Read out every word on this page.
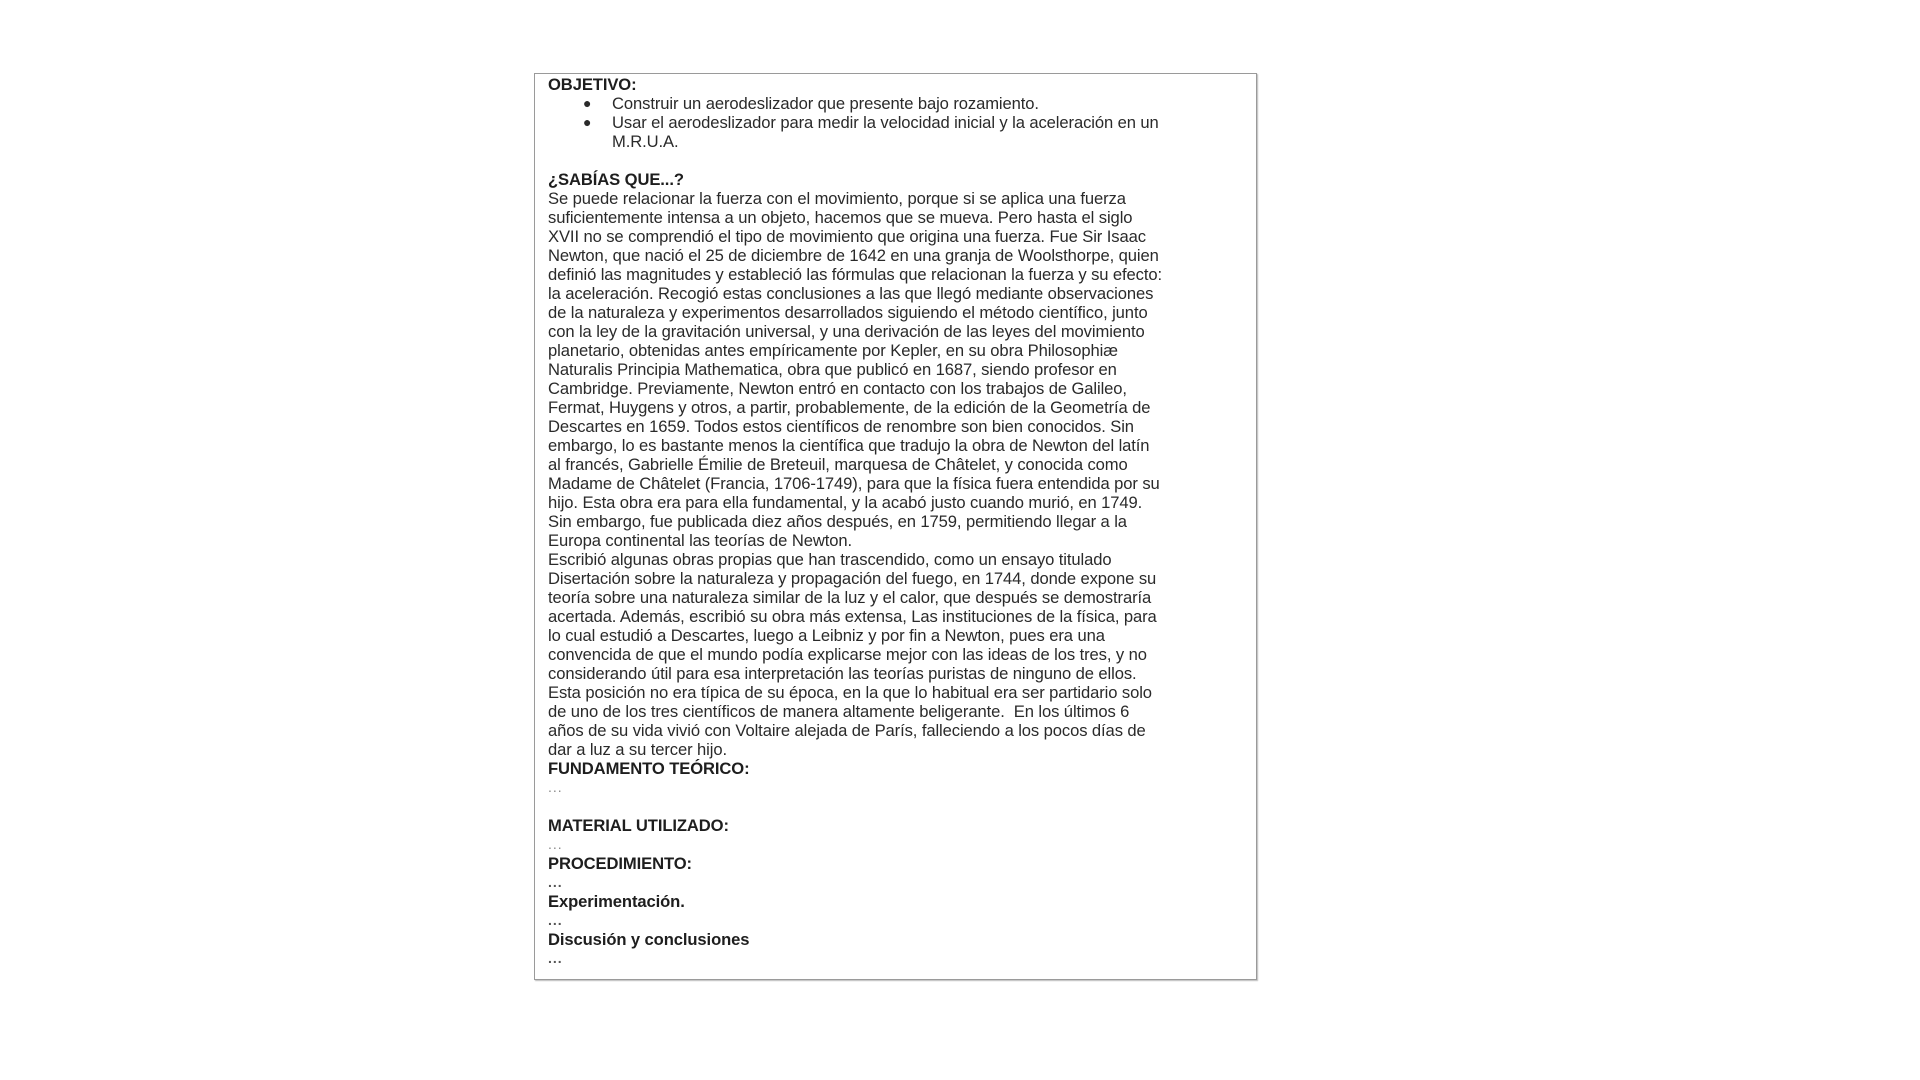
OBJETIVO:
● Construir un aerodeslizador que presente bajo rozamiento.
● Usar el aerodeslizador para medir la velocidad inicial y la aceleración en un
M.R.U.A.
¿SABÍAS QUE...?
Se puede relacionar la fuerza con el movimiento, porque si se aplica una fuerza
suficientemente intensa a un objeto, hacemos que se mueva. Pero hasta el siglo
XVII no se comprendió el tipo de movimiento que origina una fuerza. Fue Sir Isaac
Newton, que nació el 25 de diciembre de 1642 en una granja de Woolsthorpe, quien
definió las magnitudes y estableció las fórmulas que relacionan la fuerza y su efecto:
la aceleración. Recogió estas conclusiones a las que llegó mediante observaciones
de la naturaleza y experimentos desarrollados siguiendo el método científico, junto
con la ley de la gravitación universal, y una derivación de las leyes del movimiento
planetario, obtenidas antes empíricamente por Kepler, en su obra Philosophiæ
Naturalis Principia Mathematica, obra que publicó en 1687, siendo profesor en
Cambridge. Previamente, Newton entró en contacto con los trabajos de Galileo,
Fermat, Huygens y otros, a partir, probablemente, de la edición de la Geometría de
Descartes en 1659. Todos estos científicos de renombre son bien conocidos. Sin
embargo, lo es bastante menos la científica que tradujo la obra de Newton del latín
al francés, Gabrielle Émilie de Breteuil, marquesa de Châtelet, y conocida como
Madame de Châtelet (Francia, 1706-1749), para que la física fuera entendida por su
hijo. Esta obra era para ella fundamental, y la acabó justo cuando murió, en 1749.
Sin embargo, fue publicada diez años después, en 1759, permitiendo llegar a la
Europa continental las teorías de Newton.
Escribió algunas obras propias que han trascendido, como un ensayo titulado
Disertación sobre la naturaleza y propagación del fuego, en 1744, donde expone su
teoría sobre una naturaleza similar de la luz y el calor, que después se demostraría
acertada. Además, escribió su obra más extensa, Las instituciones de la física, para
lo cual estudió a Descartes, luego a Leibniz y por fin a Newton, pues era una
convencida de que el mundo podía explicarse mejor con las ideas de los tres, y no
considerando útil para esa interpretación las teorías puristas de ninguno de ellos.
Esta posición no era típica de su época, en la que lo habitual era ser partidario solo
de uno de los tres científicos de manera altamente beligerante.  En los últimos 6
años de su vida vivió con Voltaire alejada de París, falleciendo a los pocos días de
dar a luz a su tercer hijo.
FUNDAMENTO TEÓRICO:
...
MATERIAL UTILIZADO:
...
PROCEDIMIENTO:
...
Experimentación.
...
Discusión y conclusiones
...
